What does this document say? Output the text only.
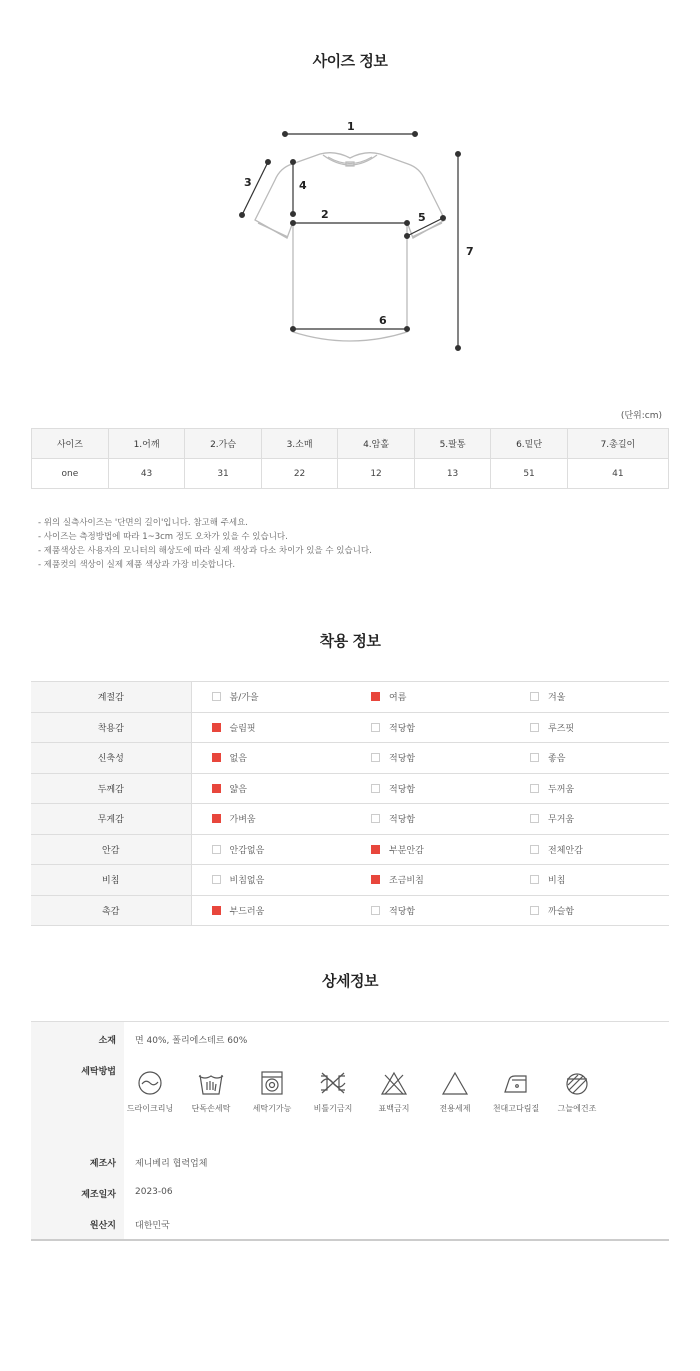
사이즈 정보
1
2
3	4
5
6
7
(단위:cm)
사이즈	1.어깨	2.가슴	3.소매	4.암홀	5.팔통	6.밑단	7.총길이
one	43	31	22	12	13	51	41
- 위의 실측사이즈는 '단면의 길이'입니다. 참고해 주세요.
- 사이즈는 측정방법에 따라 1~3cm 정도 오차가 있을 수 있습니다.
- 제품색상은 사용자의 모니터의 해상도에 따라 실제 색상과 다소 차이가 있을 수 있습니다.
- 제품컷의 색상이 실제 제품 색상과 가장 비슷합니다.
착용 정보
계절감	봄/가을	여름	겨울
착용감	슬림핏	적당함	루즈핏
신축성	없음	적당함	좋음
두께감	얇음	적당함	두꺼움
무게감	가벼움	적당함	무거움
안감	안감없음	부분안감	전체안감
비침	비침없음	조금비침	비침
촉감	부드러움	적당함	까슬함
상세정보
소재 면 40%, 폴리에스테르 60%
세탁방법
드라이크리닝	단독손세탁	세탁기가능	비틀기금지	표백금지	전용세제	천대고다림질	그늘에건조
제조사 제니베리 협력업체
제조일자 2023-06
원산지 대한민국
